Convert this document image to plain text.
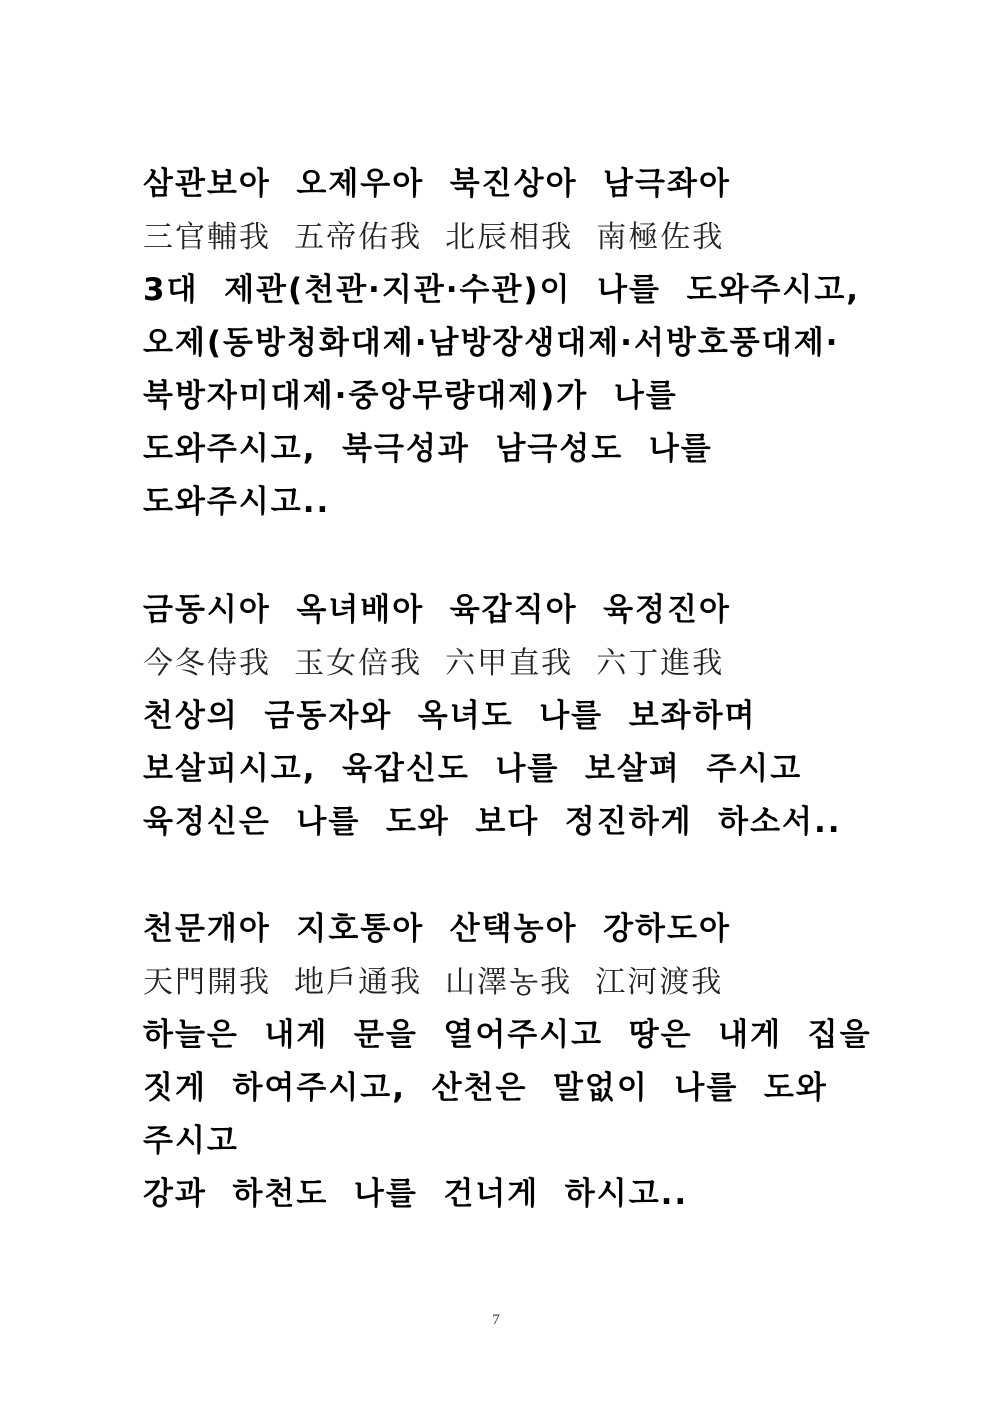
삼관보아  오제우아  북진상아  남극좌아
三官輔我  五帝佑我  北辰相我  南極佐我
3대  제관(천관·지관·수관)이  나를  도와주시고,
오제(동방청화대제·남방장생대제·서방호풍대제·
북방자미대제·중앙무량대제)가  나를
도와주시고,  북극성과  남극성도  나를
도와주시고..
금동시아  옥녀배아  육갑직아  육정진아
今冬侍我  玉女倍我  六甲直我  六丁進我
천상의  금동자와  옥녀도  나를  보좌하며
보살피시고,  육갑신도  나를  보살펴  주시고
육정신은  나를  도와  보다  정진하게  하소서..
천문개아  지호통아  산택농아  강하도아
天門開我  地戶通我  山澤농我  江河渡我
하늘은  내게  문을  열어주시고  땅은  내게  집을
짓게  하여주시고,  산천은  말없이  나를  도와
주시고
강과  하천도  나를  건너게  하시고..
7
